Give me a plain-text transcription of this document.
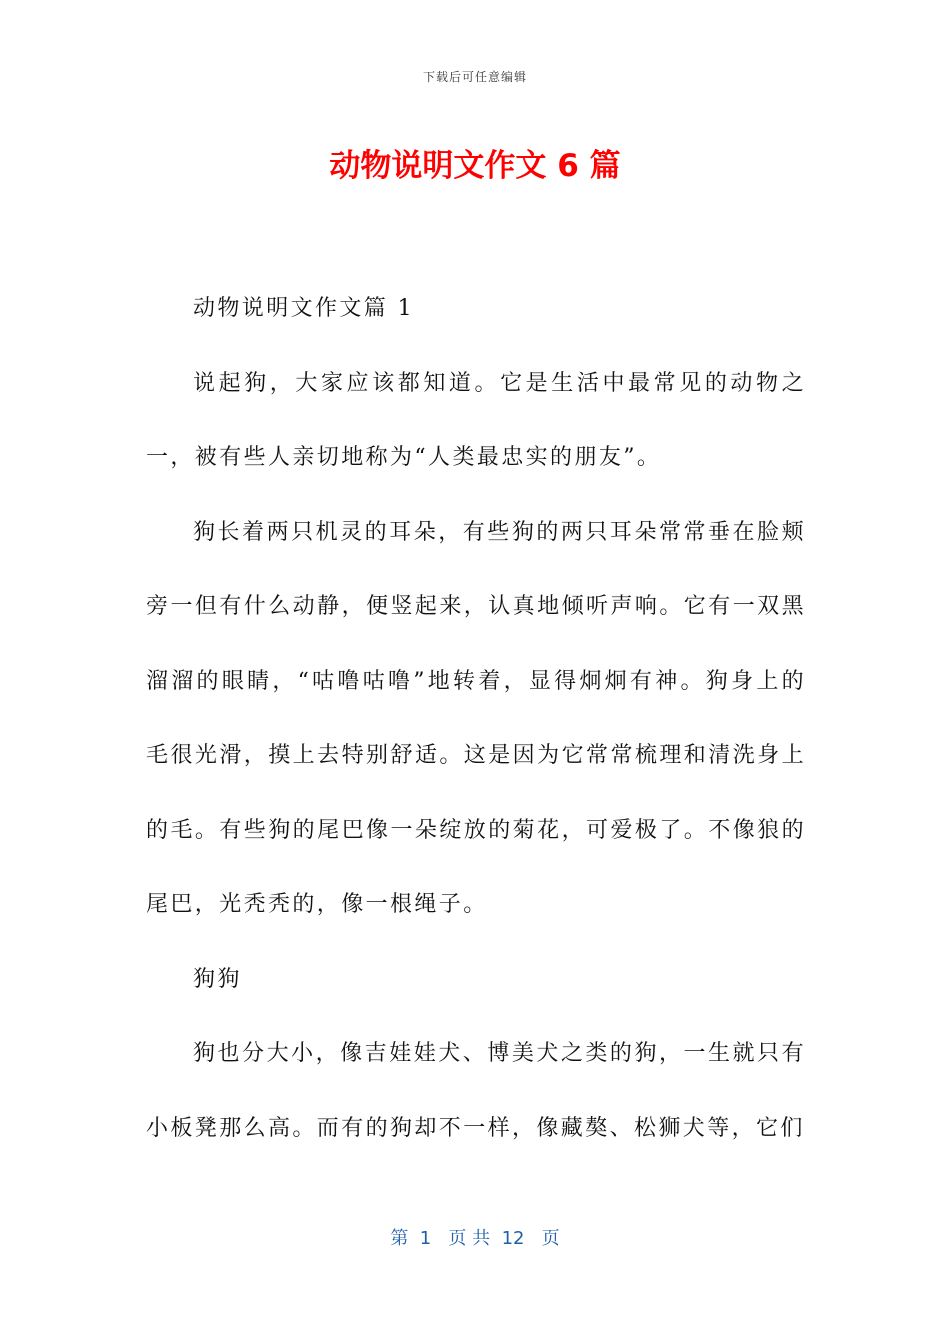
下载后可任意编辑
动物说明文作文 6 篇

动物说明文作文篇 1

说起狗，大家应该都知道。它是生活中最常见的动物之一，被有些人亲切地称为“人类最忠实的朋友”。

狗长着两只机灵的耳朵，有些狗的两只耳朵常常垂在脸颊旁一但有什么动静，便竖起来，认真地倾听声响。它有一双黑溜溜的眼睛，“咕噜咕噜”地转着，显得炯炯有神。狗身上的毛很光滑，摸上去特别舒适。这是因为它常常梳理和清洗身上的毛。有些狗的尾巴像一朵绽放的菊花，可爱极了。不像狼的尾巴，光秃秃的，像一根绳子。

狗狗

狗也分大小，像吉娃娃犬、博美犬之类的狗，一生就只有小板凳那么高。而有的狗却不一样，像藏獒、松狮犬等，它们

第  1   页 共  12   页
